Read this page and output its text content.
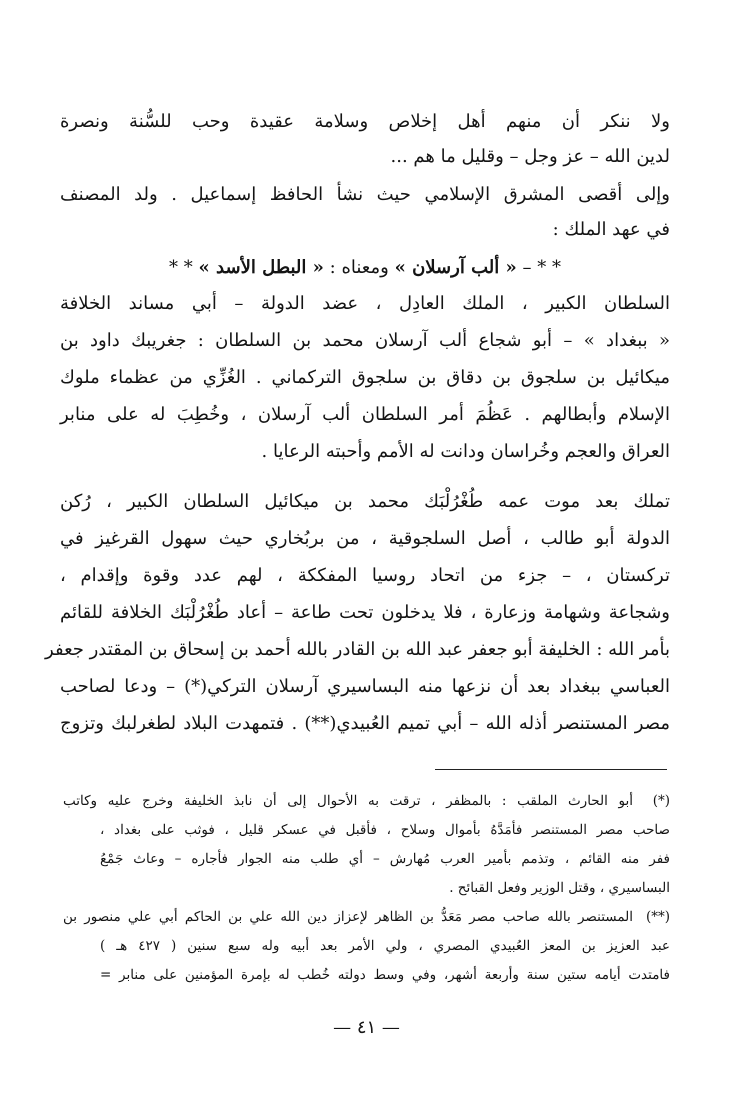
ولا ننكر أن منهم أهل إخلاص وسلامة عقيدة وحب للسُّنة ونصرة
لدين الله – عز وجل – وقليل ما هم ...
وإلى أقصى المشرق الإسلامي حيث نشأ الحافظ إسماعيل . ولد المصنف
في عهد الملك :
* * – « ألب آرسلان » ومعناه : « البطل الأسد » * *
السلطان الكبير ، الملك العادِل ، عضد الدولة – أبي مساند الخلافة
« ببغداد » – أبو شجاع ألب آرسلان محمد بن السلطان : جغريبك داود بن
ميكائيل بن سلجوق بن دقاق بن سلجوق التركماني . الغُزِّي من عظماء ملوك
الإسلام وأبطالهم . عَظُمَ أمر السلطان ألب آرسلان ، وخُطِبَ له على منابر
العراق والعجم وخُراسان ودانت له الأمم وأحبته الرعايا .
تملك بعد موت عمه طُغْرُلْبَك محمد بن ميكائيل السلطان الكبير ، رُكن
الدولة أبو طالب ، أصل السلجوقية ، من بربُخاري حيث سهول القرغيز في
تركستان ، – جزء من اتحاد روسيا المفككة ، لهم عدد وقوة وإقدام ،
وشجاعة وشهامة وزعارة ، فلا يدخلون تحت طاعة – أعاد طُغْرُلْبَك الخلافة للقائم
بأمر الله : الخليفة أبو جعفر عبد الله بن القادر بالله أحمد بن إسحاق بن المقتدر جعفر
العباسي ببغداد بعد أن نزعها منه البساسيري آرسلان التركي(*) – ودعا لصاحب
مصر المستنصر أذله الله – أبي تميم العُبيدي(**) . فتمهدت البلاد لطغرلبك وتزوج
(*)
أبو الحارث الملقب : بالمظفر ، ترقت به الأحوال إلى أن نابذ الخليفة وخرج عليه وكاتب
صاحب مصر المستنصر فأمَدَّهُ بأموال وسلاح ، فأقبل في عسكر قليل ، فوثب على بغداد ،
ففر منه القائم ، وتذمم بأمير العرب مُهارش – أي طلب منه الجوار فأجاره – وعاث جَمْعُ
البساسيري ، وقتل الوزير وفعل القبائح .
(**)
المستنصر بالله صاحب مصر مَعَدُّ بن الظاهر لإعزاز دين الله علي بن الحاكم أبي علي منصور بن
عبد العزيز بن المعز العُبيدي المصري ، ولي الأمر بعد أبيه وله سبع سنين ( ٤٢٧ هـ )
فامتدت أيامه ستين سنة وأربعة أشهر، وفي وسط دولته خُطب له بإمرة المؤمنين على منابر =
— ٤١ —
